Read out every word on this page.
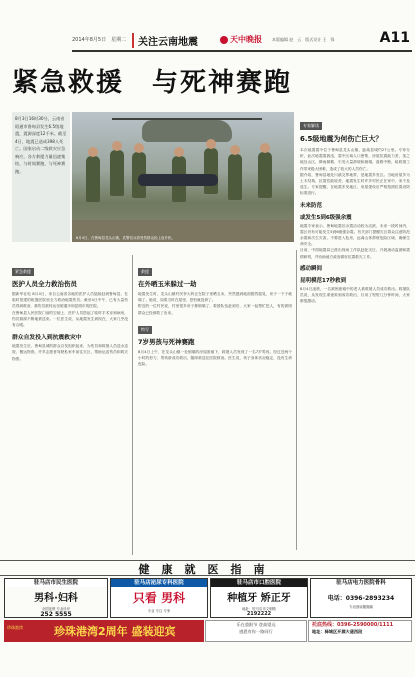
2014年8月5日　星期二	关注云南地震	天中晚报	本版编辑 赵　云　版式设计 王　锋	A11
紧急救援　与死神赛跑

8月3日16时30分，云南省昭通市鲁甸县发生6.5级地震，震源深度12千米。截至4日，地震已造成398人死亡。国家启动二级救灾应急响应，各方救援力量迅速集结，与时间赛跑，与死神赛跑。

8月4日，在鲁甸县龙头山镇，武警官兵将受伤群众抬上直升机。
专家解读
6.5级地震为何伤亡巨大？

本次地震震中位于鲁甸县龙头山镇，距离县城约27公里。专家分析，此次地震震源浅，震中区域人口密集，房屋抗震能力差，加之地处山区，降雨频繁，引发大量滑坡和崩塌，道路中断，给救援工作带来极大困难，造成了较大的人员伤亡。

据介绍，鲁甸县地处川滇交界地带，是地震多发区。当地房屋多为土木结构，抗震性能较差，地震发生时许多村民正在家中，来不及逃生。专家提醒，在地震多发地区，房屋建设应严格按照抗震设防标准进行。

未来防范
或发生5到6级强余震

地震专家表示，鲁甸地震后余震活动较为活跃，未来一段时间内，震区仍有可能发生5到6级强余震。有关部门提醒灾区群众注意防范余震和次生灾害，不要进入危房，远离山体滑坡危险区域，确保生命安全。

目前，中国地震局已派出现场工作队赶赴灾区，开展流动监测和震情研判，并协助地方政府做好抗震救灾工作。

感动瞬间
昆明模范17秒救到

8月4日凌晨，一名被困废墟中的老人被救援人员成功救出。救援队员说，从发现生命迹象到成功救出，仅用了短短几分钟时间，大家都很激动。

紧急救援
医护人员全力救治伤员

据新华社电 8月4日，来自云南省各地的医护人员陆续赶到鲁甸县，在临时搭建的帐篷医院里全力救治地震伤员。截至4日中午，已有大量伤员得到救治，重伤员被转运至昭通市和昆明市的医院。

在鲁甸县人民医院门前的空地上，医护人员搭起了临时手术室和病房，伤员源源不断地被送来。一位医生说，从地震发生到现在，大家几乎没有合眼。

群众自发投入到抗震救灾中

地震发生后，鲁甸县城的群众自发组织起来，为伤员和救援人员送水送饭，搬运物资。许多志愿者驾驶私家车前往灾区，帮助运送伤员和救灾物资。

救援
在外晒玉米躲过一劫

地震发生时，龙头山镇村民李大妈正在院子里晒玉米，突然感到地面剧烈摇晃，房子一下子就塌了。她说，如果当时在屋里，恐怕就没命了。

附近的一位村民说，村里很多房子都倒塌了，救援队伍赶到后，大家一起帮忙挖人，有的被困群众已经被救了出来。

特写
7岁男孩与死神赛跑

8月4日上午，在龙头山镇一处倒塌的房屋废墟下，救援人员发现了一名7岁男孩。经过近两个小时的努力，男孩被成功救出，随即被送往医院救治。医生说，孩子身体状况稳定，没有生命危险。

健康就医指南
驻马店市民生医院
男科·妇科
全国连锁 专业诊疗
252 5555
驻马店泌尿专科医院
只看 男科
专业 专注 专家
驻马店市口腔医院
种植牙 矫正牙
地址：驻马店市文明路
2192222
驻马店电力医院骨科
电话：0396-2893234
专治颈肩腰腿痛
珍珠港湾	珍珠港湾2周年 盛装迎宾

乐在重阳节 登高望远

感恩有你一路同行

托底热线：0396-2590000/1111

地址：驿城区开源大道西段
